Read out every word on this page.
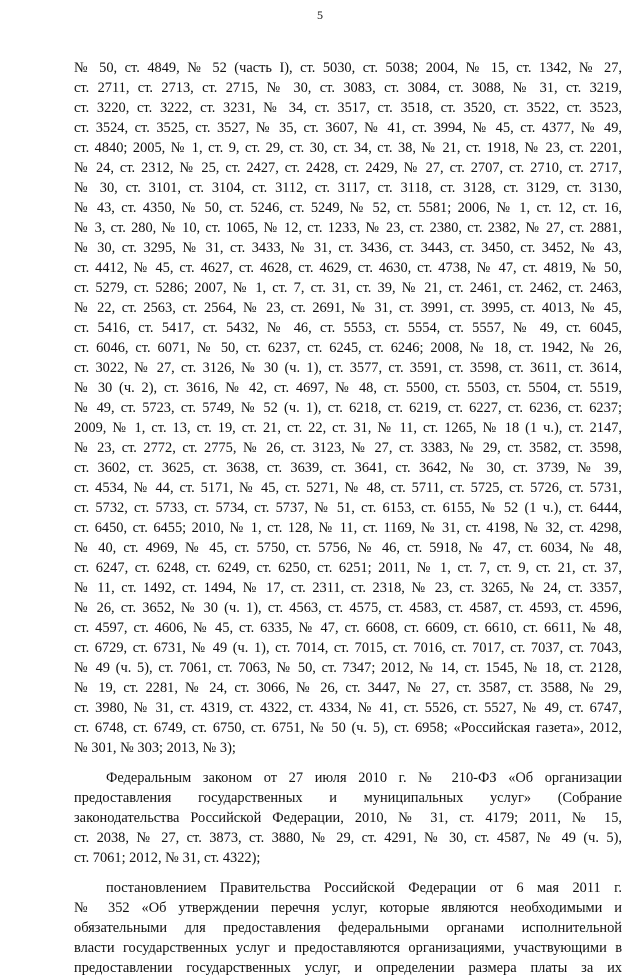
5
№ 50, ст. 4849, № 52 (часть I), ст. 5030, ст. 5038; 2004, № 15, ст. 1342, № 27,
ст. 2711, ст. 2713, ст. 2715, № 30, ст. 3083, ст. 3084, ст. 3088, № 31, ст. 3219,
ст. 3220, ст. 3222, ст. 3231, № 34, ст. 3517, ст. 3518, ст. 3520, ст. 3522, ст. 3523,
ст. 3524, ст. 3525, ст. 3527, № 35, ст. 3607, № 41, ст. 3994, № 45, ст. 4377, № 49,
ст. 4840; 2005, № 1, ст. 9, ст. 29, ст. 30, ст. 34, ст. 38, № 21, ст. 1918, № 23, ст. 2201,
№ 24, ст. 2312, № 25, ст. 2427, ст. 2428, ст. 2429, № 27, ст. 2707, ст. 2710, ст. 2717,
№ 30, ст. 3101, ст. 3104, ст. 3112, ст. 3117, ст. 3118, ст. 3128, ст. 3129, ст. 3130,
№ 43, ст. 4350, № 50, ст. 5246, ст. 5249, № 52, ст. 5581; 2006, № 1, ст. 12, ст. 16,
№ 3, ст. 280, № 10, ст. 1065, № 12, ст. 1233, № 23, ст. 2380, ст. 2382, № 27, ст. 2881,
№ 30, ст. 3295, № 31, ст. 3433, № 31, ст. 3436, ст. 3443, ст. 3450, ст. 3452, № 43,
ст. 4412, № 45, ст. 4627, ст. 4628, ст. 4629, ст. 4630, ст. 4738, № 47, ст. 4819, № 50,
ст. 5279, ст. 5286; 2007, № 1, ст. 7, ст. 31, ст. 39, № 21, ст. 2461, ст. 2462, ст. 2463,
№ 22, ст. 2563, ст. 2564, № 23, ст. 2691, № 31, ст. 3991, ст. 3995, ст. 4013, № 45,
ст. 5416, ст. 5417, ст. 5432, № 46, ст. 5553, ст. 5554, ст. 5557, № 49, ст. 6045,
ст. 6046, ст. 6071, № 50, ст. 6237, ст. 6245, ст. 6246; 2008, № 18, ст. 1942, № 26,
ст. 3022, № 27, ст. 3126, № 30 (ч. 1), ст. 3577, ст. 3591, ст. 3598, ст. 3611, ст. 3614,
№ 30 (ч. 2), ст. 3616, № 42, ст. 4697, № 48, ст. 5500, ст. 5503, ст. 5504, ст. 5519,
№ 49, ст. 5723, ст. 5749, № 52 (ч. 1), ст. 6218, ст. 6219, ст. 6227, ст. 6236, ст. 6237;
2009, № 1, ст. 13, ст. 19, ст. 21, ст. 22, ст. 31, № 11, ст. 1265, № 18 (1 ч.), ст. 2147,
№ 23, ст. 2772, ст. 2775, № 26, ст. 3123, № 27, ст. 3383, № 29, ст. 3582, ст. 3598,
ст. 3602, ст. 3625, ст. 3638, ст. 3639, ст. 3641, ст. 3642, № 30, ст. 3739, № 39,
ст. 4534, № 44, ст. 5171, № 45, ст. 5271, № 48, ст. 5711, ст. 5725, ст. 5726, ст. 5731,
ст. 5732, ст. 5733, ст. 5734, ст. 5737, № 51, ст. 6153, ст. 6155, № 52 (1 ч.), ст. 6444,
ст. 6450, ст. 6455; 2010, № 1, ст. 128, № 11, ст. 1169, № 31, ст. 4198, № 32, ст. 4298,
№ 40, ст. 4969, № 45, ст. 5750, ст. 5756, № 46, ст. 5918, № 47, ст. 6034, № 48,
ст. 6247, ст. 6248, ст. 6249, ст. 6250, ст. 6251; 2011, № 1, ст. 7, ст. 9, ст. 21, ст. 37,
№ 11, ст. 1492, ст. 1494, № 17, ст. 2311, ст. 2318, № 23, ст. 3265, № 24, ст. 3357,
№ 26, ст. 3652, № 30 (ч. 1), ст. 4563, ст. 4575, ст. 4583, ст. 4587, ст. 4593, ст. 4596,
ст. 4597, ст. 4606, № 45, ст. 6335, № 47, ст. 6608, ст. 6609, ст. 6610, ст. 6611, № 48,
ст. 6729, ст. 6731, № 49 (ч. 1), ст. 7014, ст. 7015, ст. 7016, ст. 7017, ст. 7037, ст. 7043,
№ 49 (ч. 5), ст. 7061, ст. 7063, № 50, ст. 7347; 2012, № 14, ст. 1545, № 18, ст. 2128,
№ 19, ст. 2281, № 24, ст. 3066, № 26, ст. 3447, № 27, ст. 3587, ст. 3588, № 29,
ст. 3980, № 31, ст. 4319, ст. 4322, ст. 4334, № 41, ст. 5526, ст. 5527, № 49, ст. 6747,
ст. 6748, ст. 6749, ст. 6750, ст. 6751, № 50 (ч. 5), ст. 6958; «Российская газета», 2012,
№ 301, № 303; 2013, № 3);
Федеральным законом от 27 июля 2010 г. № 210-ФЗ «Об организации
предоставления государственных и муниципальных услуг» (Собрание
законодательства Российской Федерации, 2010, № 31, ст. 4179; 2011, № 15,
ст. 2038, № 27, ст. 3873, ст. 3880, № 29, ст. 4291, № 30, ст. 4587, № 49 (ч. 5),
ст. 7061; 2012, № 31, ст. 4322);
постановлением Правительства Российской Федерации от 6 мая 2011 г.
№ 352 «Об утверждении перечня услуг, которые являются необходимыми и
обязательными для предоставления федеральными органами исполнительной
власти государственных услуг и предоставляются организациями, участвующими в
предоставлении государственных услуг, и определении размера платы за их
